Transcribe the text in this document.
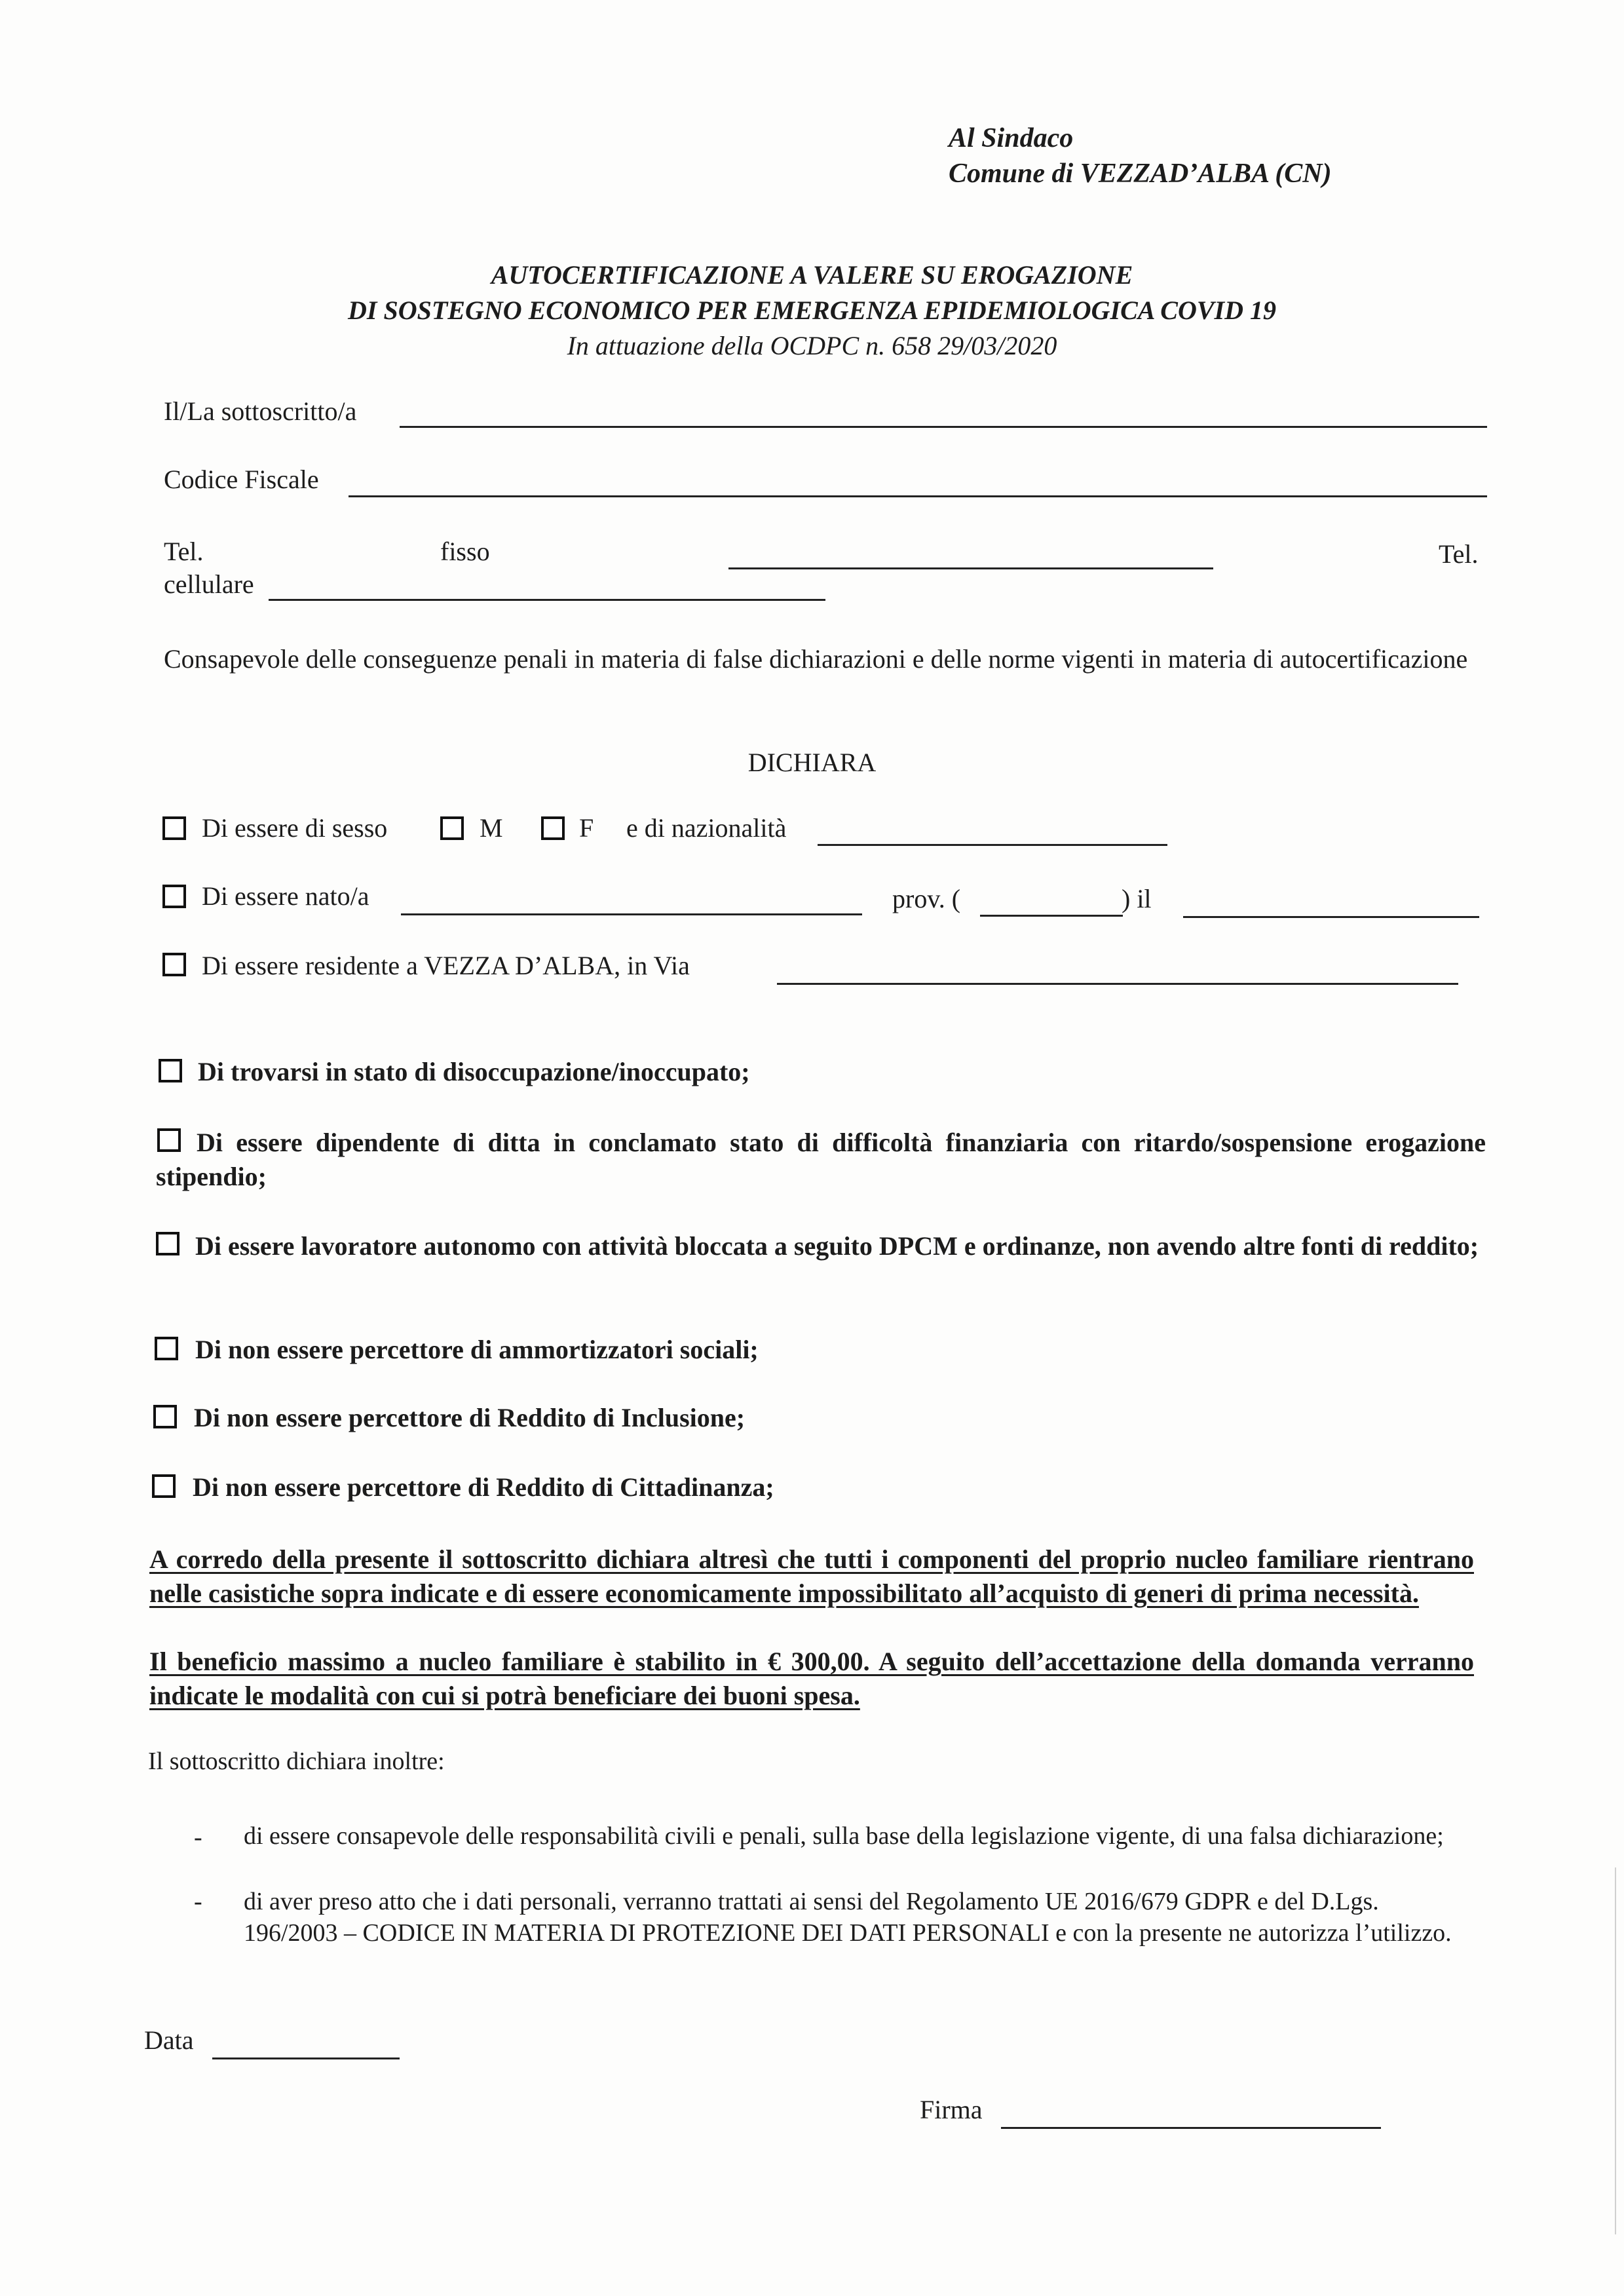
Al Sindaco
Comune di VEZZAD’ALBA (CN)
AUTOCERTIFICAZIONE A VALERE SU EROGAZIONE
DI SOSTEGNO ECONOMICO PER EMERGENZA EPIDEMIOLOGICA COVID 19
In attuazione della OCDPC n. 658 29/03/2020
Il/La sottoscritto/a
Codice Fiscale
Tel.	fisso	Tel.
cellulare
Consapevole delle conseguenze penali in materia di false dichiarazioni e delle norme vigenti in materia di autocertificazione
DICHIARA
Di essere di sesso	M	F e di nazionalità
Di essere nato/a	prov. (	) il
Di essere residente a VEZZA D’ALBA, in Via
Di trovarsi in stato di disoccupazione/inoccupato;
Di essere dipendente di ditta in conclamato stato di difficoltà finanziaria con ritardo/sospensione erogazione stipendio;
Di essere lavoratore autonomo con attività bloccata a seguito DPCM e ordinanze, non avendo altre fonti di reddito;
Di non essere percettore di ammortizzatori sociali;
Di non essere percettore di Reddito di Inclusione;
Di non essere percettore di Reddito di Cittadinanza;
A corredo della presente il sottoscritto dichiara altresì che tutti i componenti del proprio nucleo familiare rientrano nelle casistiche sopra indicate e di essere economicamente impossibilitato all’acquisto di generi di prima necessità.
Il beneficio massimo a nucleo familiare è stabilito in € 300,00. A seguito dell’accettazione della domanda verranno indicate le modalità con cui si potrà beneficiare dei buoni spesa.
Il sottoscritto dichiara inoltre:
- di essere consapevole delle responsabilità civili e penali, sulla base della legislazione vigente, di una falsa dichiarazione;
- di aver preso atto che i dati personali, verranno trattati ai sensi del Regolamento UE 2016/679 GDPR e del D.Lgs. 196/2003 – CODICE IN MATERIA DI PROTEZIONE DEI DATI PERSONALI e con la presente ne autorizza l’utilizzo.
Data
Firma
